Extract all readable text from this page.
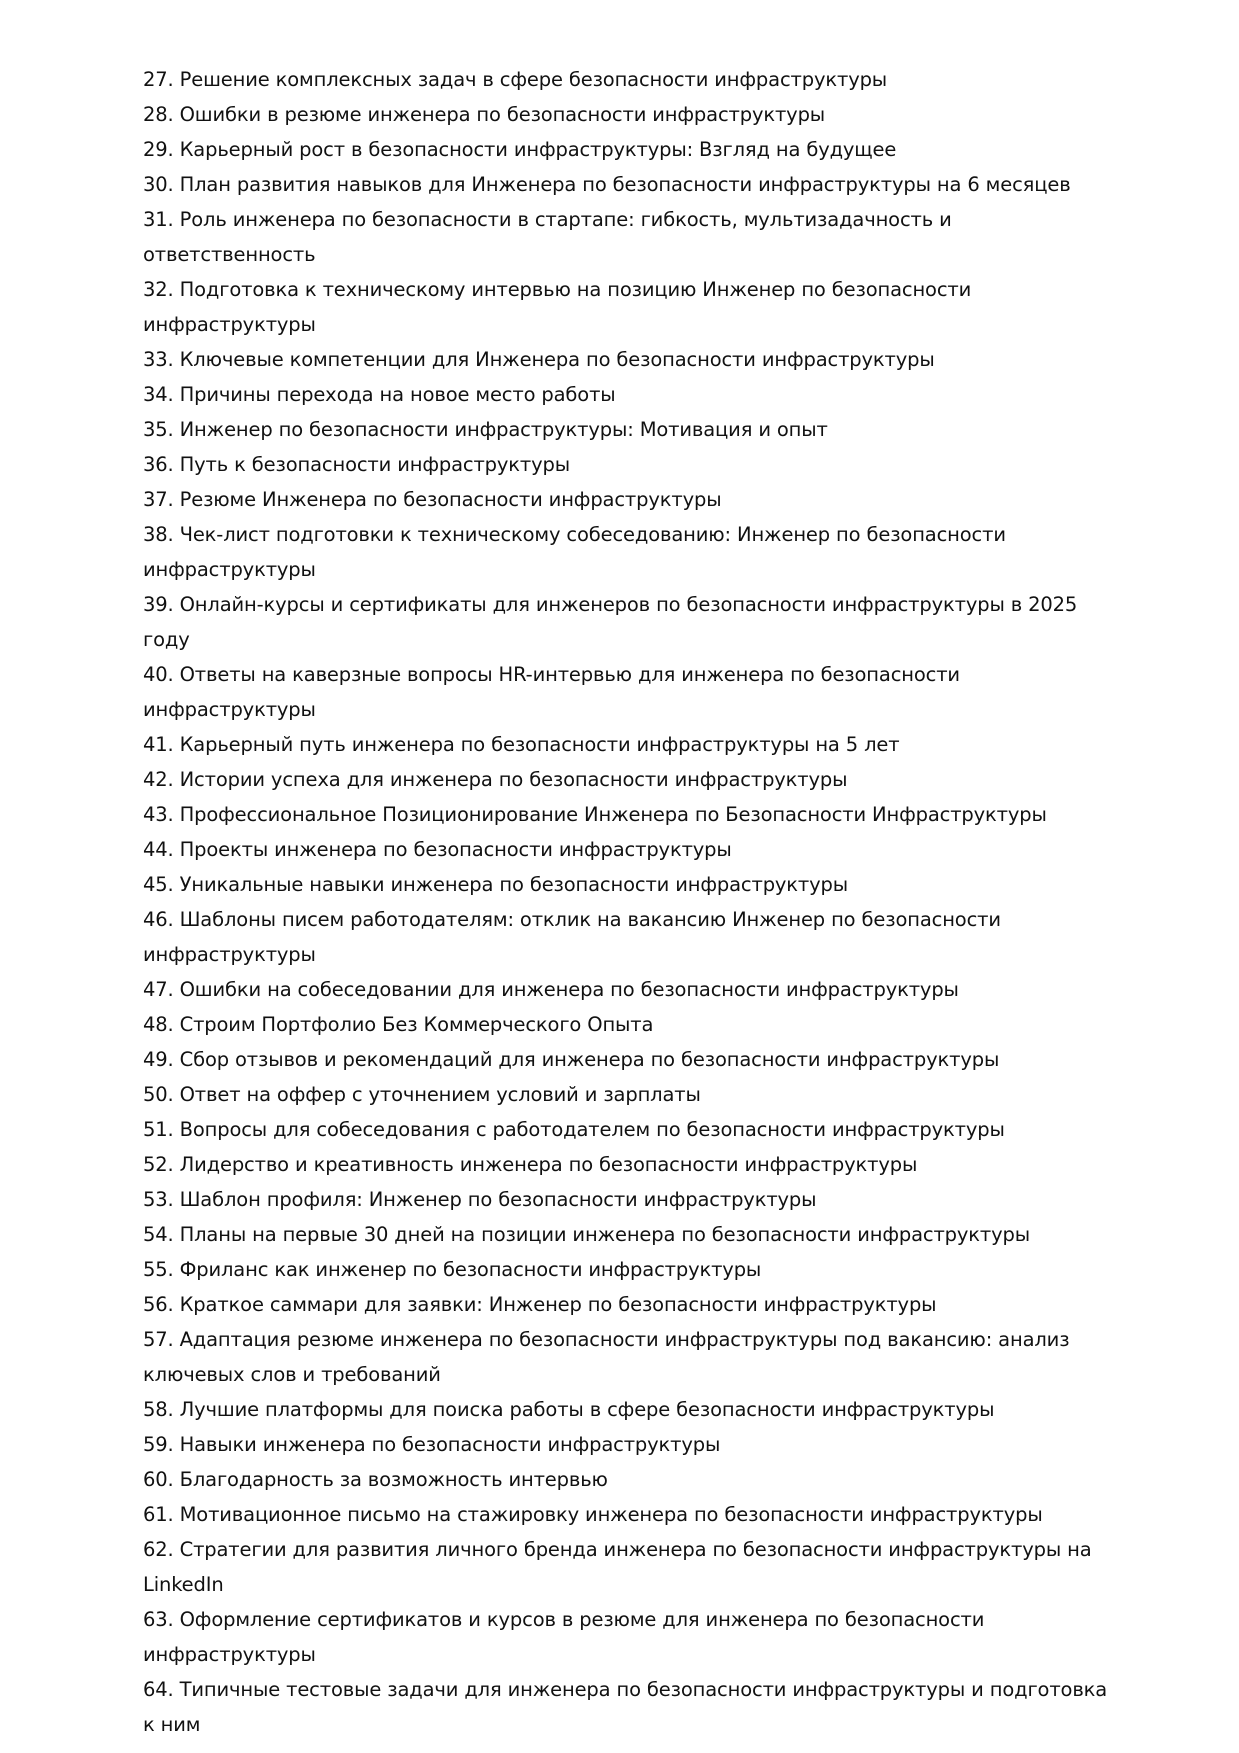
27. Решение комплексных задач в сфере безопасности инфраструктуры
28. Ошибки в резюме инженера по безопасности инфраструктуры
29. Карьерный рост в безопасности инфраструктуры: Взгляд на будущее
30. План развития навыков для Инженера по безопасности инфраструктуры на 6 месяцев
31. Роль инженера по безопасности в стартапе: гибкость, мультизадачность и ответственность
32. Подготовка к техническому интервью на позицию Инженер по безопасности инфраструктуры
33. Ключевые компетенции для Инженера по безопасности инфраструктуры
34. Причины перехода на новое место работы
35. Инженер по безопасности инфраструктуры: Мотивация и опыт
36. Путь к безопасности инфраструктуры
37. Резюме Инженера по безопасности инфраструктуры
38. Чек-лист подготовки к техническому собеседованию: Инженер по безопасности инфраструктуры
39. Онлайн-курсы и сертификаты для инженеров по безопасности инфраструктуры в 2025 году
40. Ответы на каверзные вопросы HR-интервью для инженера по безопасности инфраструктуры
41. Карьерный путь инженера по безопасности инфраструктуры на 5 лет
42. Истории успеха для инженера по безопасности инфраструктуры
43. Профессиональное Позиционирование Инженера по Безопасности Инфраструктуры
44. Проекты инженера по безопасности инфраструктуры
45. Уникальные навыки инженера по безопасности инфраструктуры
46. Шаблоны писем работодателям: отклик на вакансию Инженер по безопасности инфраструктуры
47. Ошибки на собеседовании для инженера по безопасности инфраструктуры
48. Строим Портфолио Без Коммерческого Опыта
49. Сбор отзывов и рекомендаций для инженера по безопасности инфраструктуры
50. Ответ на оффер с уточнением условий и зарплаты
51. Вопросы для собеседования с работодателем по безопасности инфраструктуры
52. Лидерство и креативность инженера по безопасности инфраструктуры
53. Шаблон профиля: Инженер по безопасности инфраструктуры
54. Планы на первые 30 дней на позиции инженера по безопасности инфраструктуры
55. Фриланс как инженер по безопасности инфраструктуры
56. Краткое саммари для заявки: Инженер по безопасности инфраструктуры
57. Адаптация резюме инженера по безопасности инфраструктуры под вакансию: анализ ключевых слов и требований
58. Лучшие платформы для поиска работы в сфере безопасности инфраструктуры
59. Навыки инженера по безопасности инфраструктуры
60. Благодарность за возможность интервью
61. Мотивационное письмо на стажировку инженера по безопасности инфраструктуры
62. Стратегии для развития личного бренда инженера по безопасности инфраструктуры на LinkedIn
63. Оформление сертификатов и курсов в резюме для инженера по безопасности инфраструктуры
64. Типичные тестовые задачи для инженера по безопасности инфраструктуры и подготовка к ним
